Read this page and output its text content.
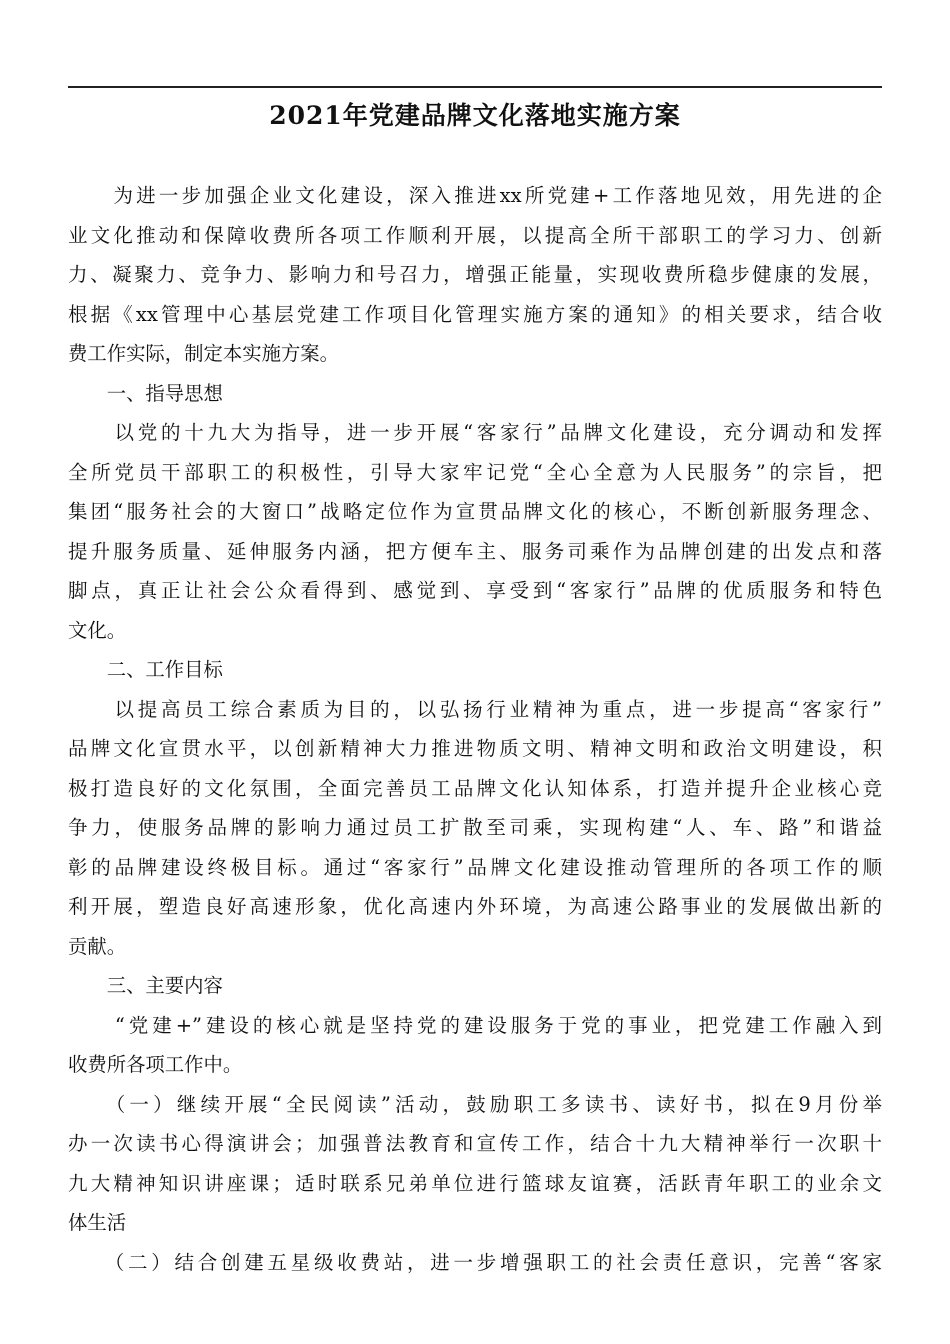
2021年党建品牌文化落地实施方案
　　为进一步加强企业文化建设，深入推进xx所党建+工作落地见效，用先进的企
业文化推动和保障收费所各项工作顺利开展，以提高全所干部职工的学习力、创新
力、凝聚力、竞争力、影响力和号召力，增强正能量，实现收费所稳步健康的发展，
根据《xx管理中心基层党建工作项目化管理实施方案的通知》的相关要求，结合收
费工作实际，制定本实施方案。
　　一、指导思想
　　以党的十九大为指导，进一步开展“客家行”品牌文化建设，充分调动和发挥
全所党员干部职工的积极性，引导大家牢记党“全心全意为人民服务”的宗旨，把
集团“服务社会的大窗口”战略定位作为宣贯品牌文化的核心，不断创新服务理念、
提升服务质量、延伸服务内涵，把方便车主、服务司乘作为品牌创建的出发点和落
脚点，真正让社会公众看得到、感觉到、享受到“客家行”品牌的优质服务和特色
文化。
　　二、工作目标
　　以提高员工综合素质为目的，以弘扬行业精神为重点，进一步提高“客家行”
品牌文化宣贯水平，以创新精神大力推进物质文明、精神文明和政治文明建设，积
极打造良好的文化氛围，全面完善员工品牌文化认知体系，打造并提升企业核心竞
争力，使服务品牌的影响力通过员工扩散至司乘，实现构建“人、车、路”和谐益
彰的品牌建设终极目标。通过“客家行”品牌文化建设推动管理所的各项工作的顺
利开展，塑造良好高速形象，优化高速内外环境，为高速公路事业的发展做出新的
贡献。
　　三、主要内容
　　“党建+”建设的核心就是坚持党的建设服务于党的事业，把党建工作融入到
收费所各项工作中。
　　（一）继续开展“全民阅读”活动，鼓励职工多读书、读好书，拟在9月份举
办一次读书心得演讲会；加强普法教育和宣传工作，结合十九大精神举行一次职十
九大精神知识讲座课；适时联系兄弟单位进行篮球友谊赛，活跃青年职工的业余文
体生活
　　（二）结合创建五星级收费站，进一步增强职工的社会责任意识，完善“客家
